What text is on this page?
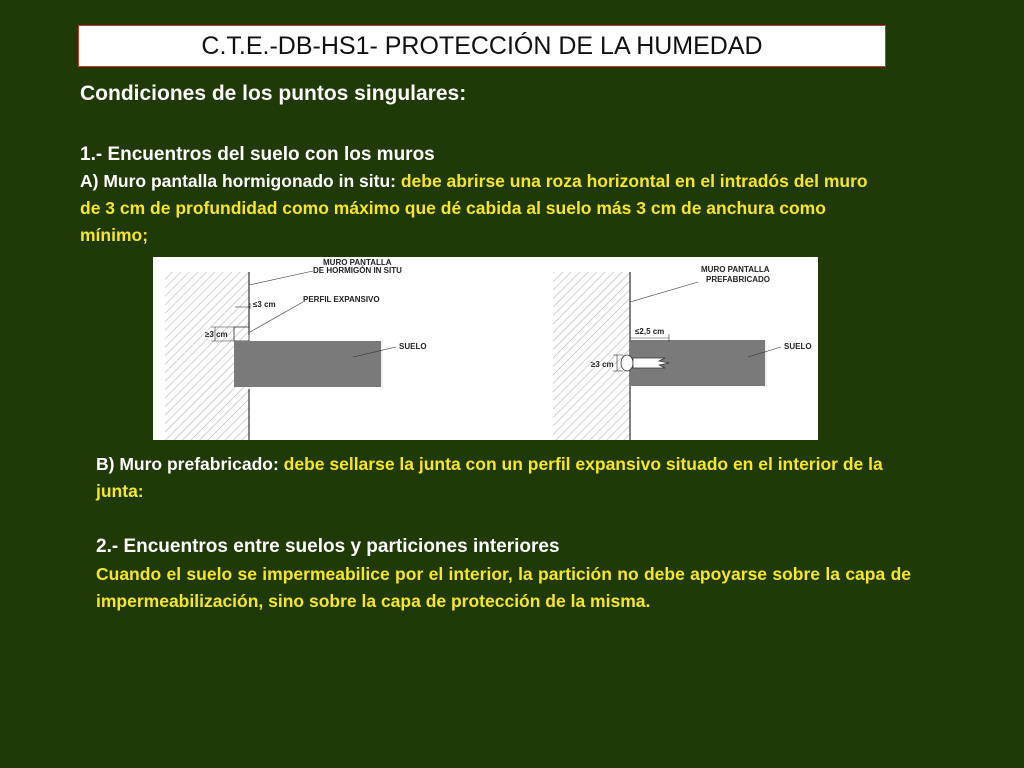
C.T.E.-DB-HS1- PROTECCIÓN DE LA HUMEDAD
Condiciones de los puntos singulares:
1.- Encuentros del suelo con los muros
A) Muro pantalla hormigonado in situ: debe abrirse una roza horizontal en el intradós del muro de 3 cm de profundidad como máximo que dé cabida al suelo más 3 cm de anchura como mínimo;
MURO PANTALLA
DE HORMIGÓN IN SITU
≤3 cm
PERFIL EXPANSIVO
≥3 cm
SUELO
MURO PANTALLA
PREFABRICADO
≤2,5 cm
≥3 cm
SUELO
B) Muro prefabricado: debe sellarse la junta con un perfil expansivo situado en el interior de la junta:
2.- Encuentros entre suelos y particiones interiores
Cuando el suelo se impermeabilice por el interior, la partición no debe apoyarse sobre la capa de impermeabilización, sino sobre la capa de protección de la misma.
